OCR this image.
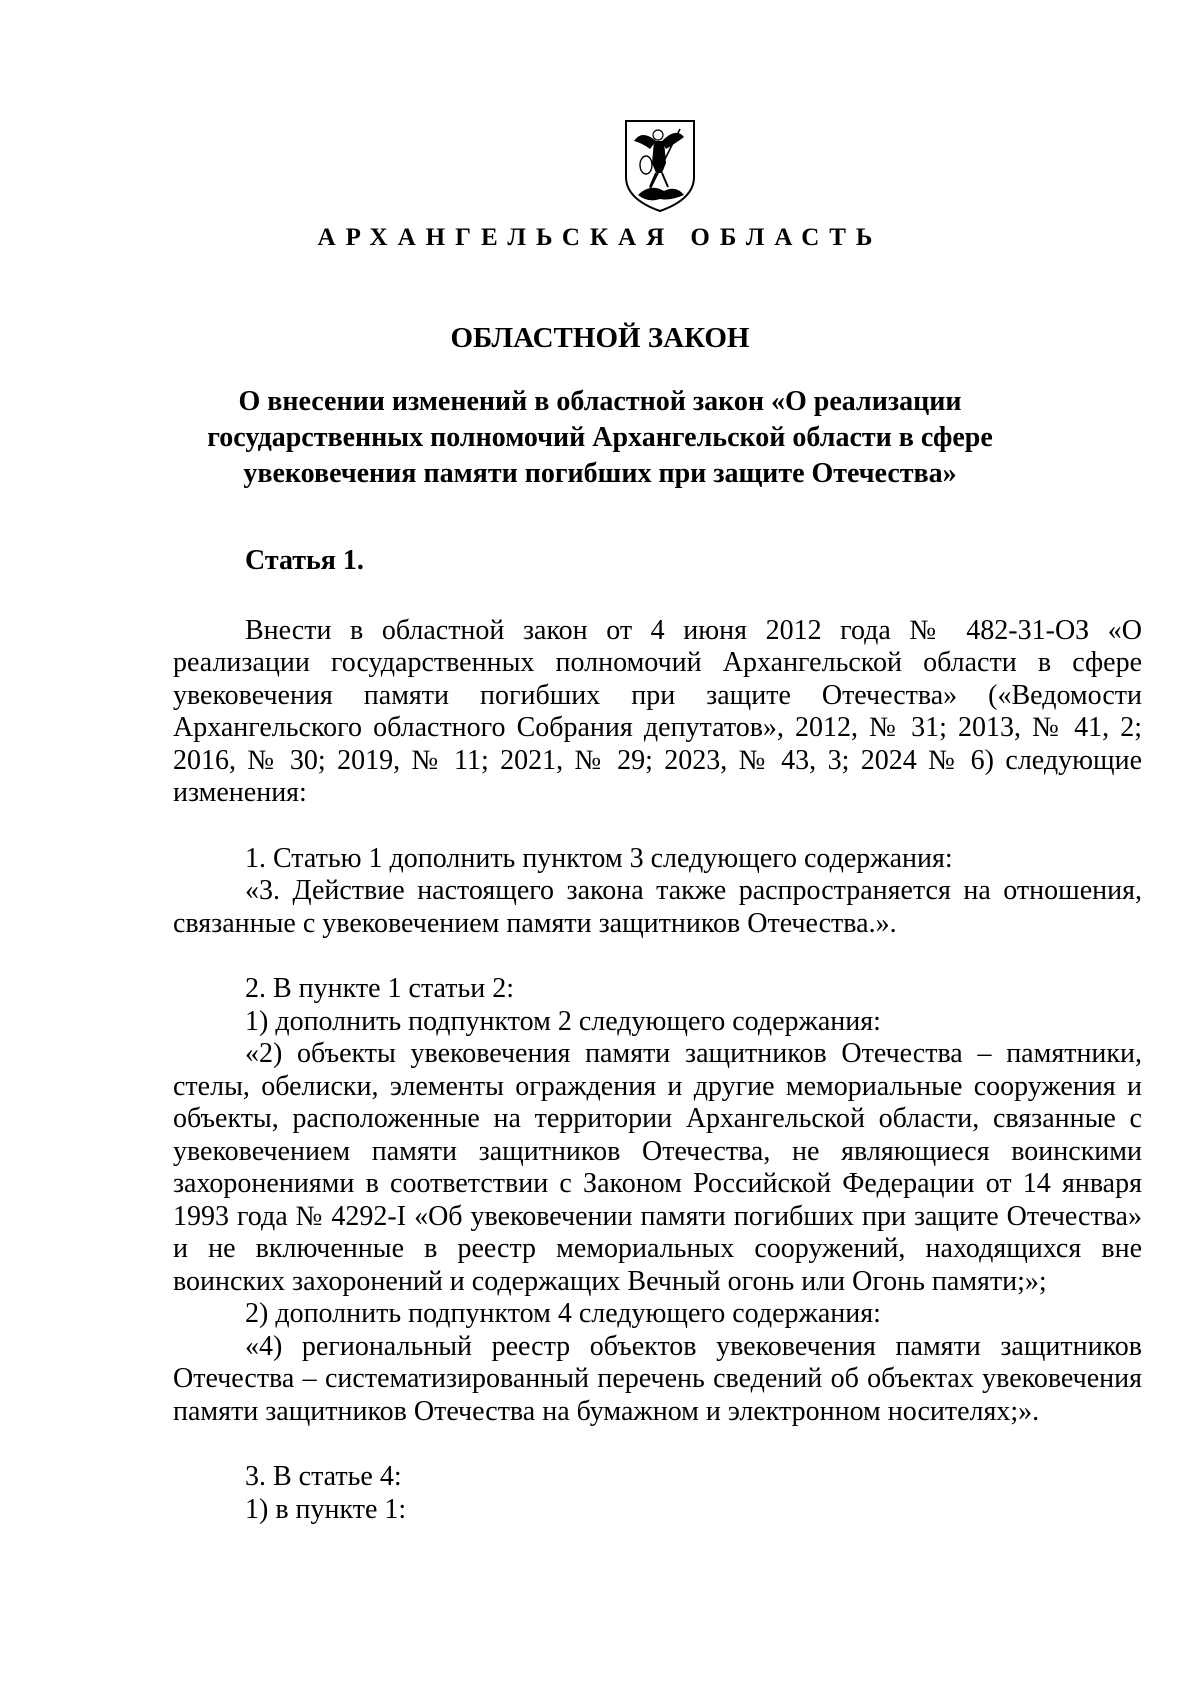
АРХАНГЕЛЬСКАЯ ОБЛАСТЬ
ОБЛАСТНОЙ ЗАКОН
О внесении изменений в областной закон «О реализации государственных полномочий Архангельской области в сфере увековечения памяти погибших при защите Отечества»

Статья 1.

Внести в областной закон от 4 июня 2012 года № 482-31-ОЗ «О реализации государственных полномочий Архангельской области в сфере увековечения памяти погибших при защите Отечества» («Ведомости Архангельского областного Собрания депутатов», 2012, № 31; 2013, № 41, 2; 2016, № 30; 2019, № 11; 2021, № 29; 2023, № 43, 3; 2024 № 6) следующие изменения:

1. Статью 1 дополнить пунктом 3 следующего содержания:

«3. Действие настоящего закона также распространяется на отношения, связанные с увековечением памяти защитников Отечества.».

2. В пункте 1 статьи 2:

1) дополнить подпунктом 2 следующего содержания:

«2) объекты увековечения памяти защитников Отечества – памятники, стелы, обелиски, элементы ограждения и другие мемориальные сооружения и объекты, расположенные на территории Архангельской области, связанные с увековечением памяти защитников Отечества, не являющиеся воинскими захоронениями в соответствии с Законом Российской Федерации от 14 января 1993 года № 4292-I «Об увековечении памяти погибших при защите Отечества» и не включенные в реестр мемориальных сооружений, находящихся вне воинских захоронений и содержащих Вечный огонь или Огонь памяти;»;

2) дополнить подпунктом 4 следующего содержания:

«4) региональный реестр объектов увековечения памяти защитников Отечества – систематизированный перечень сведений об объектах увековечения памяти защитников Отечества на бумажном и электронном носителях;».

3. В статье 4:

1) в пункте 1:
